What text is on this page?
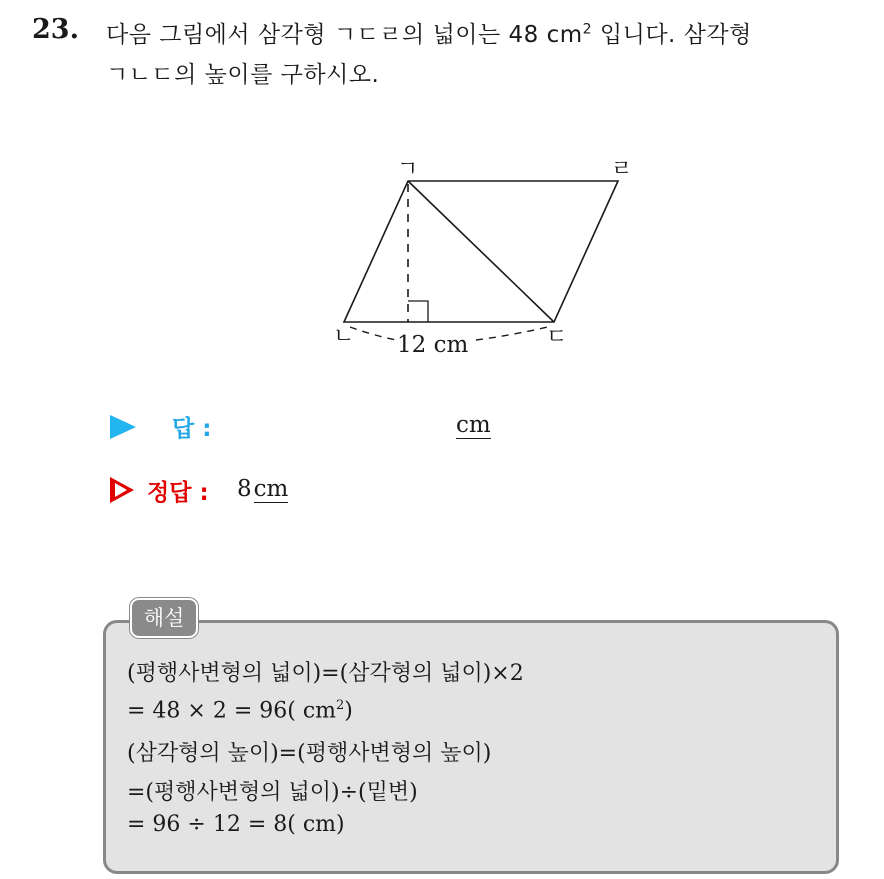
23. 다음 그림에서 삼각형 ㄱㄷㄹ의 넓이는 48 $cm^2$ 입니다. 삼각형
ㄱㄴㄷ의 높이를 구하시오.
ㄱ	ㄹ
ㄴ	ㄷ
12 cm
답 :	cm
정답 : 8cm
해설
(평행사변형의 넓이)=(삼각형의 넓이)×2
= 48 × 2 = 96( $cm^2$)
(삼각형의 높이)=(평행사변형의 높이)
=(평행사변형의 넓이)÷(밑변)
= 96 ÷ 12 = 8( cm)
